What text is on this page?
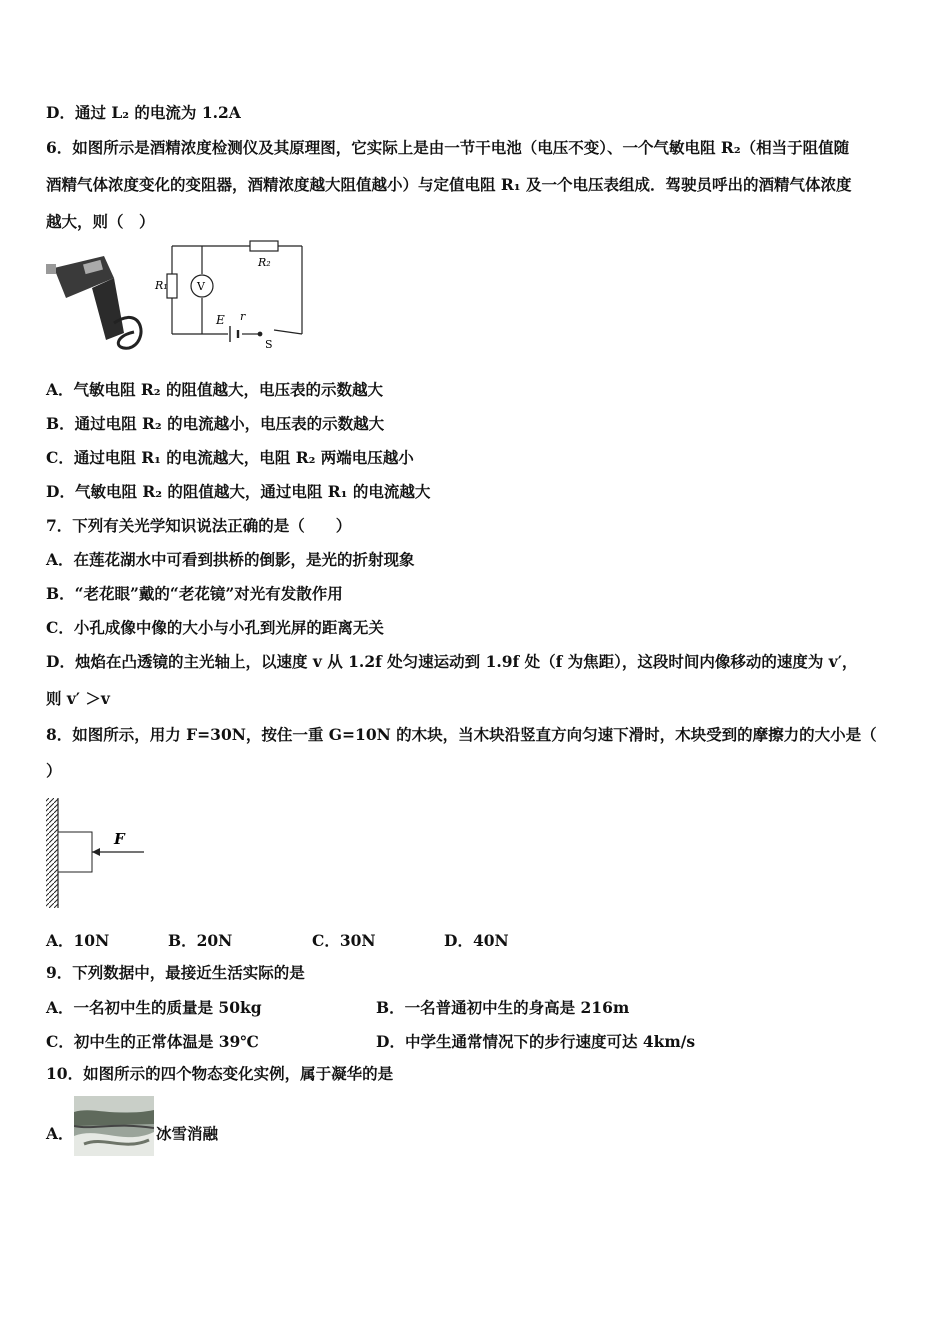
D．通过 L₂ 的电流为 1.2A
6．如图所示是酒精浓度检测仪及其原理图，它实际上是由一节干电池（电压不变）、一个气敏电阻 R₂（相当于阻值随
酒精气体浓度变化的变阻器，酒精浓度越大阻值越小）与定值电阻 R₁ 及一个电压表组成．驾驶员呼出的酒精气体浓度
越大，则（　）
R₁
R₂
V
E r
S
A．气敏电阻 R₂ 的阻值越大，电压表的示数越大
B．通过电阻 R₂ 的电流越小，电压表的示数越大
C．通过电阻 R₁ 的电流越大，电阻 R₂ 两端电压越小
D．气敏电阻 R₂ 的阻值越大，通过电阻 R₁ 的电流越大
7．下列有关光学知识说法正确的是（　　）
A．在莲花湖水中可看到拱桥的倒影，是光的折射现象
B．“老花眼”戴的“老花镜”对光有发散作用
C．小孔成像中像的大小与小孔到光屏的距离无关
D．烛焰在凸透镜的主光轴上，以速度 v 从 1.2f 处匀速运动到 1.9f 处（f 为焦距），这段时间内像移动的速度为 v′，
则 v′ ＞v
8．如图所示，用力 F=30N，按住一重 G=10N 的木块，当木块沿竖直方向匀速下滑时，木块受到的摩擦力的大小是（
）
F
A．10N	B．20N	C．30N	D．40N
9．下列数据中，最接近生活实际的是
A．一名初中生的质量是 50kg	B．一名普通初中生的身高是 216m
C．初中生的正常体温是 39℃	D．中学生通常情况下的步行速度可达 4km/s
10．如图所示的四个物态变化实例，属于凝华的是
A．	冰雪消融
